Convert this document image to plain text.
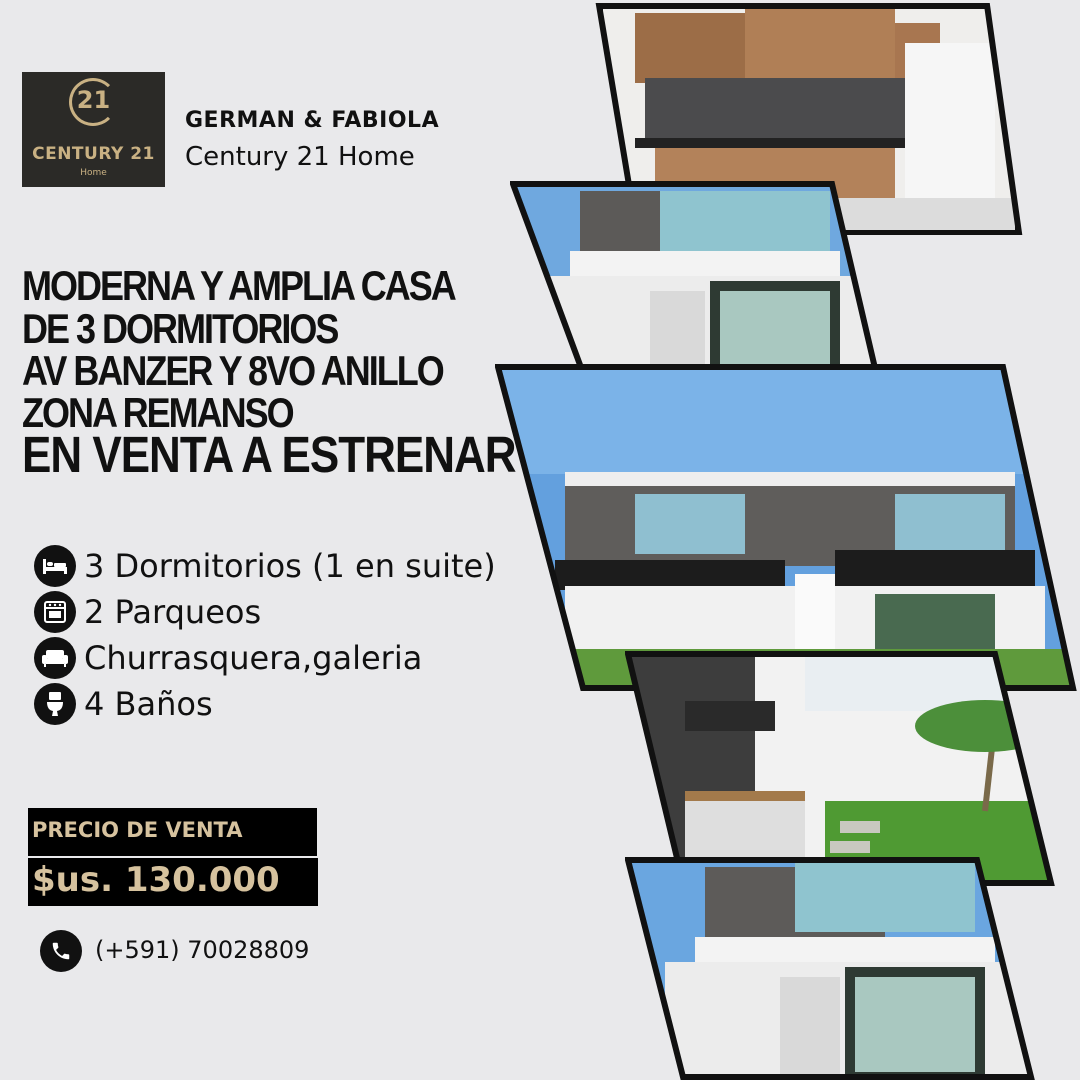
21
CENTURY 21
Home
GERMAN & FABIOLA
Century 21 Home
MODERNA Y AMPLIA CASA
DE 3 DORMITORIOS
AV BANZER Y 8VO ANILLO
ZONA REMANSO
EN VENTA A ESTRENAR
3 Dormitorios (1 en suite)
2 Parqueos
Churrasquera,galeria
4 Baños
PRECIO DE VENTA
$us. 130.000
(+591) 70028809
